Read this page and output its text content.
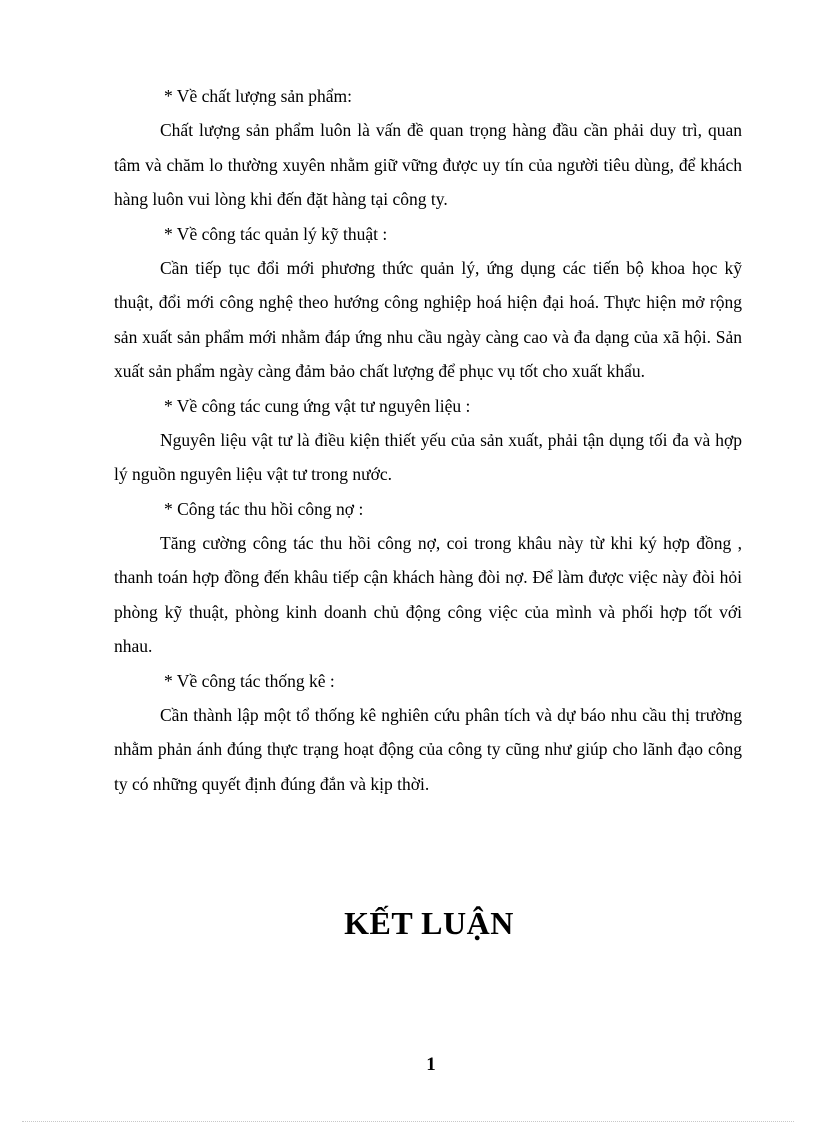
* Về chất lượng sản phẩm:

Chất lượng sản phẩm luôn là vấn đề quan trọng hàng đầu cần phải duy trì, quan tâm và chăm lo thường xuyên nhằm giữ vững được uy tín của người tiêu dùng, để khách hàng luôn vui lòng khi đến đặt hàng tại công ty.

* Về công tác quản lý kỹ thuật :

Cần tiếp tục đổi mới phương thức quản lý, ứng dụng các tiến bộ khoa học kỹ thuật, đổi mới công nghệ theo hướng công nghiệp hoá hiện đại hoá. Thực hiện mở rộng sản xuất sản phẩm mới nhằm đáp ứng nhu cầu ngày càng cao và đa dạng của xã hội. Sản xuất sản phẩm ngày càng đảm bảo chất lượng để phục vụ tốt cho xuất khẩu.

* Về công tác cung ứng vật tư nguyên liệu :

Nguyên liệu vật tư là điều kiện thiết yếu của sản xuất, phải tận dụng tối đa và hợp lý nguồn nguyên liệu vật tư trong nước.

* Công tác thu hồi công nợ :

Tăng cường công tác thu hồi công nợ, coi trong khâu này từ khi ký hợp đồng , thanh toán hợp đồng đến khâu tiếp cận khách hàng đòi nợ. Để làm được việc này đòi hỏi phòng kỹ thuật, phòng kinh doanh chủ động công việc của mình và phối hợp tốt với nhau.

* Về công tác thống kê :

Cần thành lập một tổ thống kê nghiên cứu phân tích và dự báo nhu cầu thị trường nhằm phản ánh đúng thực trạng hoạt động của công ty cũng như giúp cho lãnh đạo công ty có những quyết định đúng đắn và kịp thời.

KẾT LUẬN
1
